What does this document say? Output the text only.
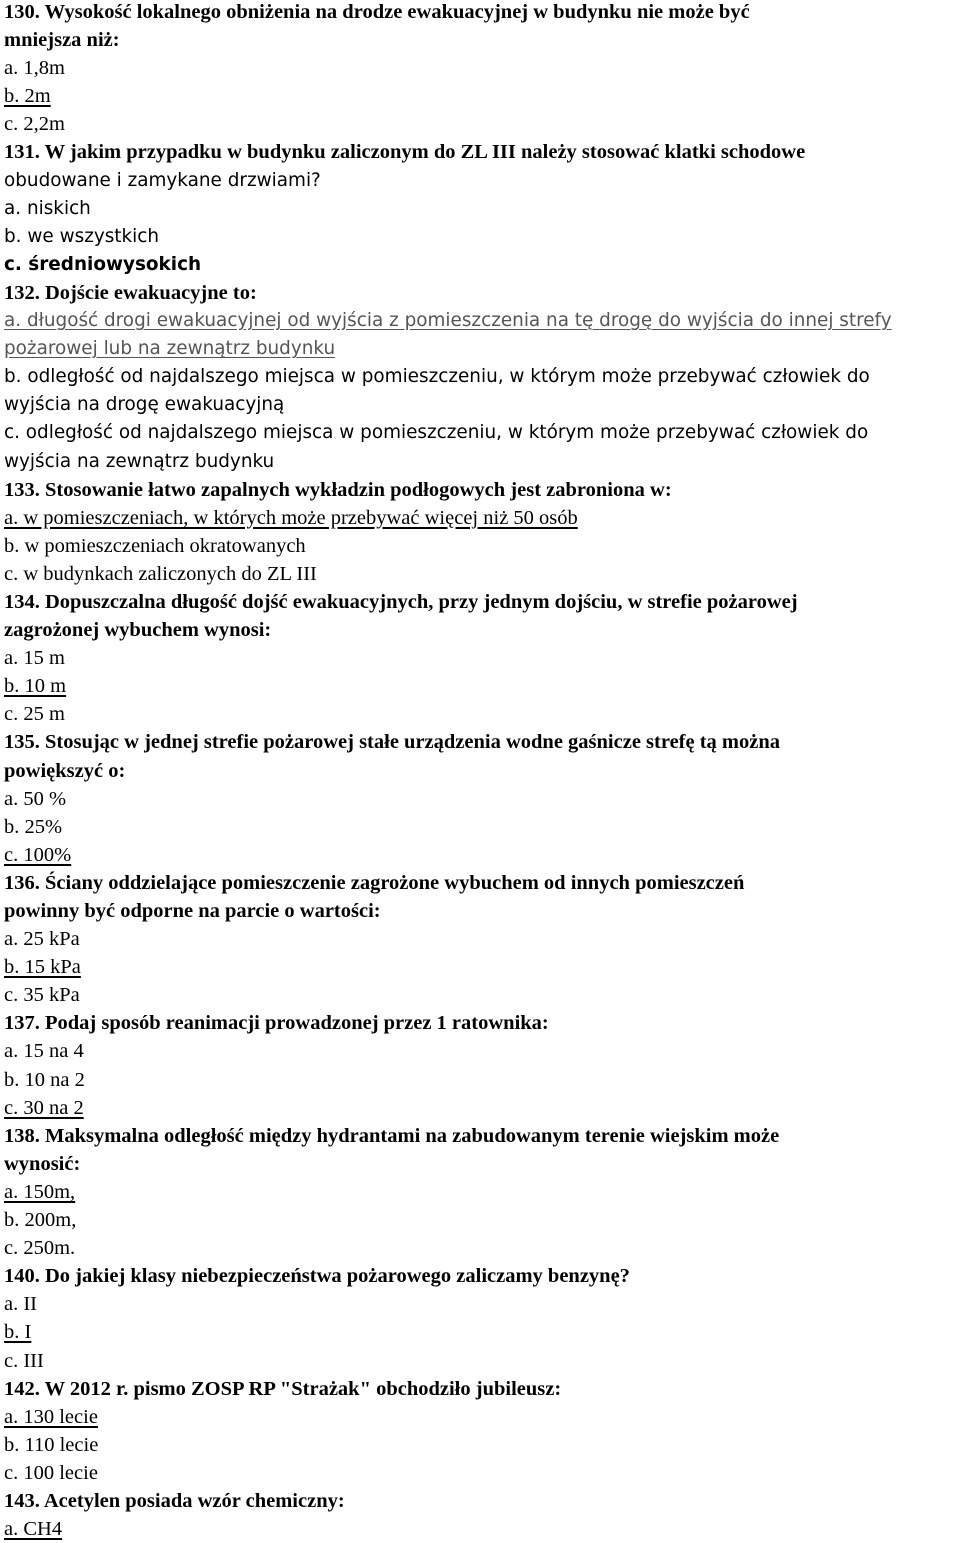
130. Wysokość lokalnego obniżenia na drodze ewakuacyjnej w budynku nie może być
mniejsza niż:
a. 1,8m
b. 2m
c. 2,2m
131. W jakim przypadku w budynku zaliczonym do ZL III należy stosować klatki schodowe
obudowane i zamykane drzwiami?
a. niskich
b. we wszystkich
c. średniowysokich
132. Dojście ewakuacyjne to:
a. długość drogi ewakuacyjnej od wyjścia z pomieszczenia na tę drogę do wyjścia do innej strefy
pożarowej lub na zewnątrz budynku
b. odległość od najdalszego miejsca w pomieszczeniu, w którym może przebywać człowiek do
wyjścia na drogę ewakuacyjną
c. odległość od najdalszego miejsca w pomieszczeniu, w którym może przebywać człowiek do
wyjścia na zewnątrz budynku
133. Stosowanie łatwo zapalnych wykładzin podłogowych jest zabroniona w:
a. w pomieszczeniach, w których może przebywać więcej niż 50 osób
b. w pomieszczeniach okratowanych
c. w budynkach zaliczonych do ZL III
134. Dopuszczalna długość dojść ewakuacyjnych, przy jednym dojściu, w strefie pożarowej
zagrożonej wybuchem wynosi:
a. 15 m
b. 10 m
c. 25 m
135. Stosując w jednej strefie pożarowej stałe urządzenia wodne gaśnicze strefę tą można
powiększyć o:
a. 50 %
b. 25%
c. 100%
136. Ściany oddzielające pomieszczenie zagrożone wybuchem od innych pomieszczeń
powinny być odporne na parcie o wartości:
a. 25 kPa
b. 15 kPa
c. 35 kPa
137. Podaj sposób reanimacji prowadzonej przez 1 ratownika:
a. 15 na 4
b. 10 na 2
c. 30 na 2
138. Maksymalna odległość między hydrantami na zabudowanym terenie wiejskim może
wynosić:
a. 150m,
b. 200m,
c. 250m.
140. Do jakiej klasy niebezpieczeństwa pożarowego zaliczamy benzynę?
a. II
b. I
c. III
142. W 2012 r. pismo ZOSP RP "Strażak" obchodziło jubileusz:
a. 130 lecie
b. 110 lecie
c. 100 lecie
143. Acetylen posiada wzór chemiczny:
a. CH4
